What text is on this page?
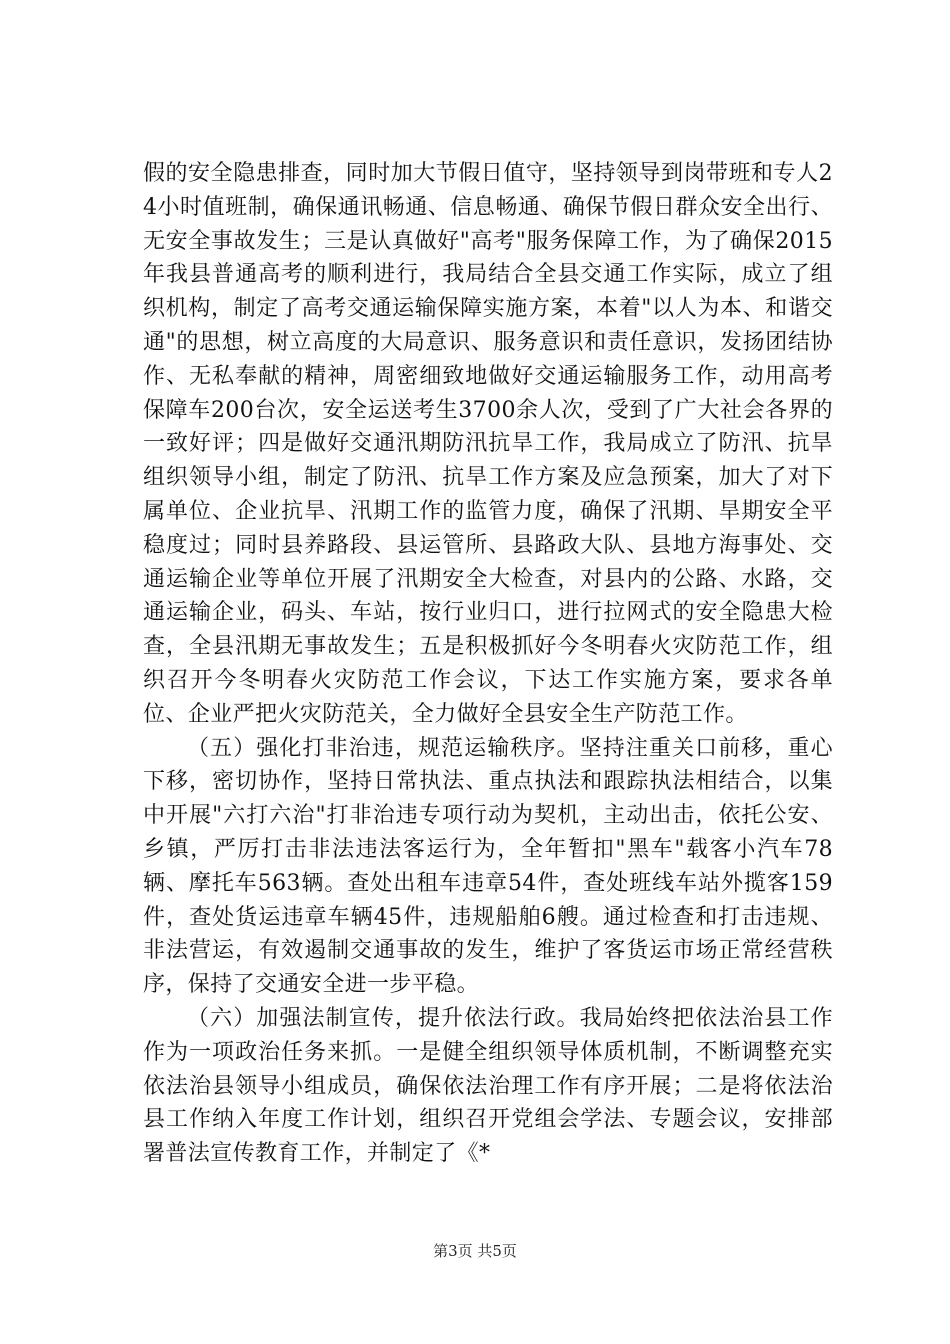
假的安全隐患排查，同时加大节假日值守，坚持领导到岗带班和专人24小时值班制，确保通讯畅通、信息畅通、确保节假日群众安全出行、无安全事故发生；三是认真做好"高考"服务保障工作，为了确保2015年我县普通高考的顺利进行，我局结合全县交通工作实际，成立了组织机构，制定了高考交通运输保障实施方案，本着"以人为本、和谐交通"的思想，树立高度的大局意识、服务意识和责任意识，发扬团结协作、无私奉献的精神，周密细致地做好交通运输服务工作，动用高考保障车200台次，安全运送考生3700余人次，受到了广大社会各界的一致好评；四是做好交通汛期防汛抗旱工作，我局成立了防汛、抗旱组织领导小组，制定了防汛、抗旱工作方案及应急预案，加大了对下属单位、企业抗旱、汛期工作的监管力度，确保了汛期、旱期安全平稳度过；同时县养路段、县运管所、县路政大队、县地方海事处、交通运输企业等单位开展了汛期安全大检查，对县内的公路、水路，交通运输企业，码头、车站，按行业归口，进行拉网式的安全隐患大检查，全县汛期无事故发生；五是积极抓好今冬明春火灾防范工作，组织召开今冬明春火灾防范工作会议，下达工作实施方案，要求各单位、企业严把火灾防范关，全力做好全县安全生产防范工作。

（五）强化打非治违，规范运输秩序。坚持注重关口前移，重心下移，密切协作，坚持日常执法、重点执法和跟踪执法相结合，以集中开展"六打六治"打非治违专项行动为契机，主动出击，依托公安、乡镇，严厉打击非法违法客运行为，全年暂扣"黑车"载客小汽车78辆、摩托车563辆。查处出租车违章54件，查处班线车站外揽客159件，查处货运违章车辆45件，违规船舶6艘。通过检查和打击违规、非法营运，有效遏制交通事故的发生，维护了客货运市场正常经营秩序，保持了交通安全进一步平稳。

（六）加强法制宣传，提升依法行政。我局始终把依法治县工作作为一项政治任务来抓。一是健全组织领导体质机制，不断调整充实依法治县领导小组成员，确保依法治理工作有序开展；二是将依法治县工作纳入年度工作计划，组织召开党组会学法、专题会议，安排部署普法宣传教育工作，并制定了《*

第3页 共5页
